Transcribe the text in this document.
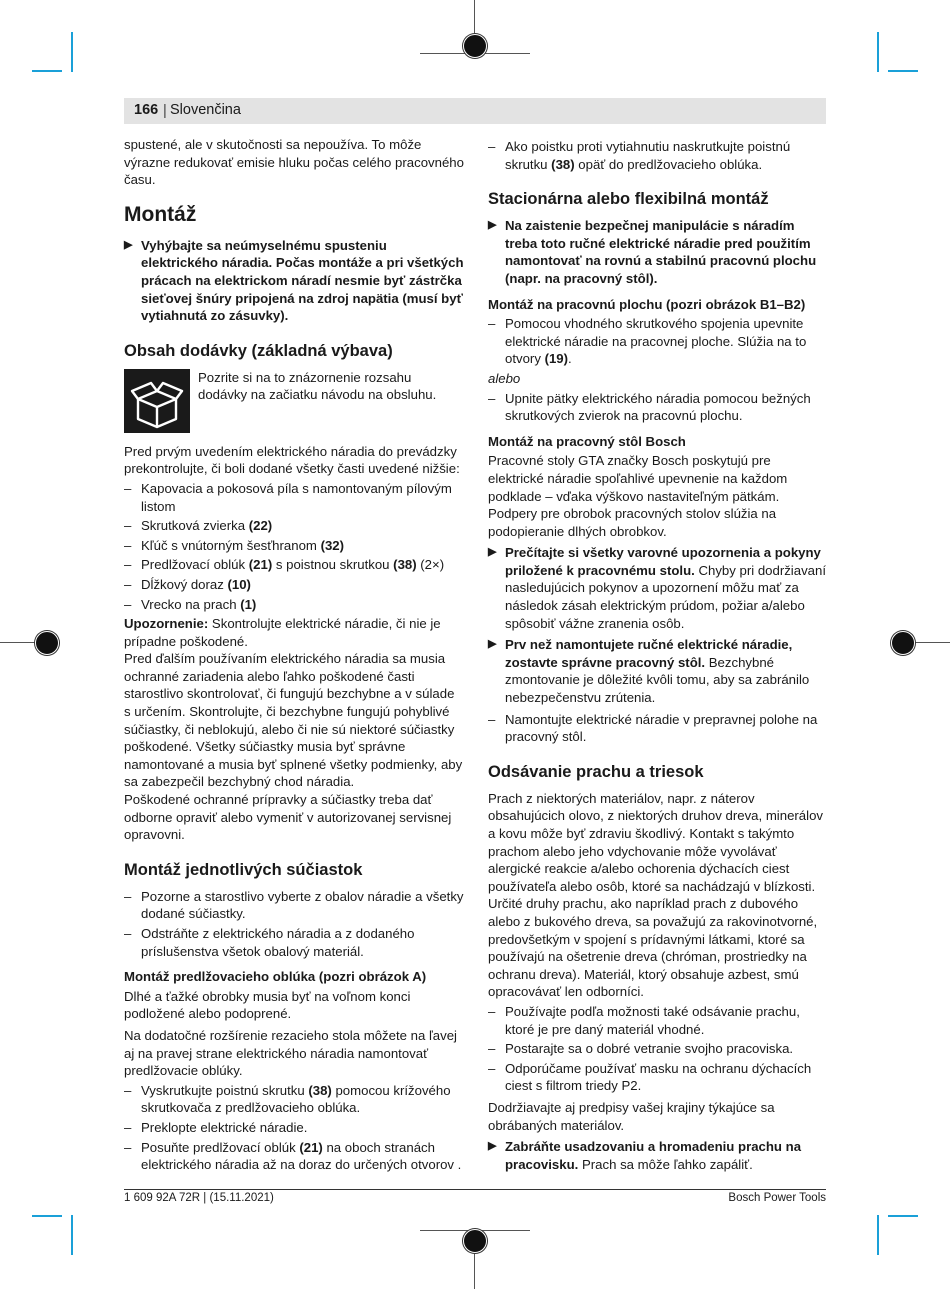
166 | Slovenčina

spustené, ale v skutočnosti sa nepoužíva. To môže výrazne redukovať emisie hluku počas celého pracovného času.

Montáž
▶ Vyhýbajte sa neúmyselnému spusteniu elektrického náradia. Počas montáže a pri všetkých prácach na elektrickom náradí nesmie byť zástrčka sieťovej šnúry pripojená na zdroj napätia (musí byť vytiahnutá zo zásuvky).
Obsah dodávky (základná výbava)

Pozrite si na to znázornenie rozsahu dodávky na začiatku návodu na obsluhu.

Pred prvým uvedením elektrického náradia do prevádzky prekontrolujte, či boli dodané všetky časti uvedené nižšie:

– Kapovacia a pokosová píla s namontovaným pílovým listom
– Skrutková zvierka (22)
– Kľúč s vnútorným šesťhranom (32)
– Predlžovací oblúk (21) s poistnou skrutkou (38) (2×)
– Dĺžkový doraz (10)
– Vrecko na prach (1)

Upozornenie: Skontrolujte elektrické náradie, či nie je prípadne poškodené.

Pred ďalším používaním elektrického náradia sa musia ochranné zariadenia alebo ľahko poškodené časti starostlivo skontrolovať, či fungujú bezchybne a v súlade s určením. Skontrolujte, či bezchybne fungujú pohyblivé súčiastky, či neblokujú, alebo či nie sú niektoré súčiastky poškodené. Všetky súčiastky musia byť správne namontované a musia byť splnené všetky podmienky, aby sa zabezpečil bezchybný chod náradia.

Poškodené ochranné prípravky a súčiastky treba dať odborne opraviť alebo vymeniť v autorizovanej servisnej opravovni.

Montáž jednotlivých súčiastok
– Pozorne a starostlivo vyberte z obalov náradie a všetky dodané súčiastky.
– Odstráňte z elektrického náradia a z dodaného príslušenstva všetok obalový materiál.
Montáž predlžovacieho oblúka (pozri obrázok A)

Dlhé a ťažké obrobky musia byť na voľnom konci podložené alebo podoprené.

Na dodatočné rozšírenie rezacieho stola môžete na ľavej aj na pravej strane elektrického náradia namontovať predlžovacie oblúky.

– Vyskrutkujte poistnú skrutku (38) pomocou krížového skrutkovača z predlžovacieho oblúka.
– Preklopte elektrické náradie.
– Posuňte predlžovací oblúk (21) na oboch stranách elektrického náradia až na doraz do určených otvorov .
– Ako poistku proti vytiahnutiu naskrutkujte poistnú skrutku (38) opäť do predlžovacieho oblúka.
Stacionárna alebo flexibilná montáž
▶ Na zaistenie bezpečnej manipulácie s náradím treba toto ručné elektrické náradie pred použitím namontovať na rovnú a stabilnú pracovnú plochu (napr. na pracovný stôl).
Montáž na pracovnú plochu (pozri obrázok B1–B2)
– Pomocou vhodného skrutkového spojenia upevnite elektrické náradie na pracovnej ploche. Slúžia na to otvory (19).

alebo

– Upnite pätky elektrického náradia pomocou bežných skrutkových zvierok na pracovnú plochu.
Montáž na pracovný stôl Bosch

Pracovné stoly GTA značky Bosch poskytujú pre elektrické náradie spoľahlivé upevnenie na každom podklade – vďaka výškovo nastaviteľným pätkám. Podpery pre obrobok pracovných stolov slúžia na podopieranie dlhých obrobkov.

▶ Prečítajte si všetky varovné upozornenia a pokyny priložené k pracovnému stolu. Chyby pri dodržiavaní nasledujúcich pokynov a upozornení môžu mať za následok zásah elektrickým prúdom, požiar a/alebo spôsobiť vážne zranenia osôb.
▶ Prv než namontujete ručné elektrické náradie, zostavte správne pracovný stôl. Bezchybné zmontovanie je dôležité kvôli tomu, aby sa zabránilo nebezpečenstvu zrútenia.
– Namontujte elektrické náradie v prepravnej polohe na pracovný stôl.
Odsávanie prachu a triesok

Prach z niektorých materiálov, napr. z náterov obsahujúcich olovo, z niektorých druhov dreva, minerálov a kovu môže byť zdraviu škodlivý. Kontakt s takýmto prachom alebo jeho vdychovanie môže vyvolávať alergické reakcie a/alebo ochorenia dýchacích ciest používateľa alebo osôb, ktoré sa nachádzajú v blízkosti.

Určité druhy prachu, ako napríklad prach z dubového alebo z bukového dreva, sa považujú za rakovinotvorné, predovšetkým v spojení s prídavnými látkami, ktoré sa používajú na ošetrenie dreva (chróman, prostriedky na ochranu dreva). Materiál, ktorý obsahuje azbest, smú opracovávať len odborníci.

– Používajte podľa možnosti také odsávanie prachu, ktoré je pre daný materiál vhodné.
– Postarajte sa o dobré vetranie svojho pracoviska.
– Odporúčame používať masku na ochranu dýchacích ciest s filtrom triedy P2.

Dodržiavajte aj predpisy vašej krajiny týkajúce sa obrábaných materiálov.

▶ Zabráňte usadzovaniu a hromadeniu prachu na pracovisku. Prach sa môže ľahko zapáliť.
1 609 92A 72R | (15.11.2021)	Bosch Power Tools
